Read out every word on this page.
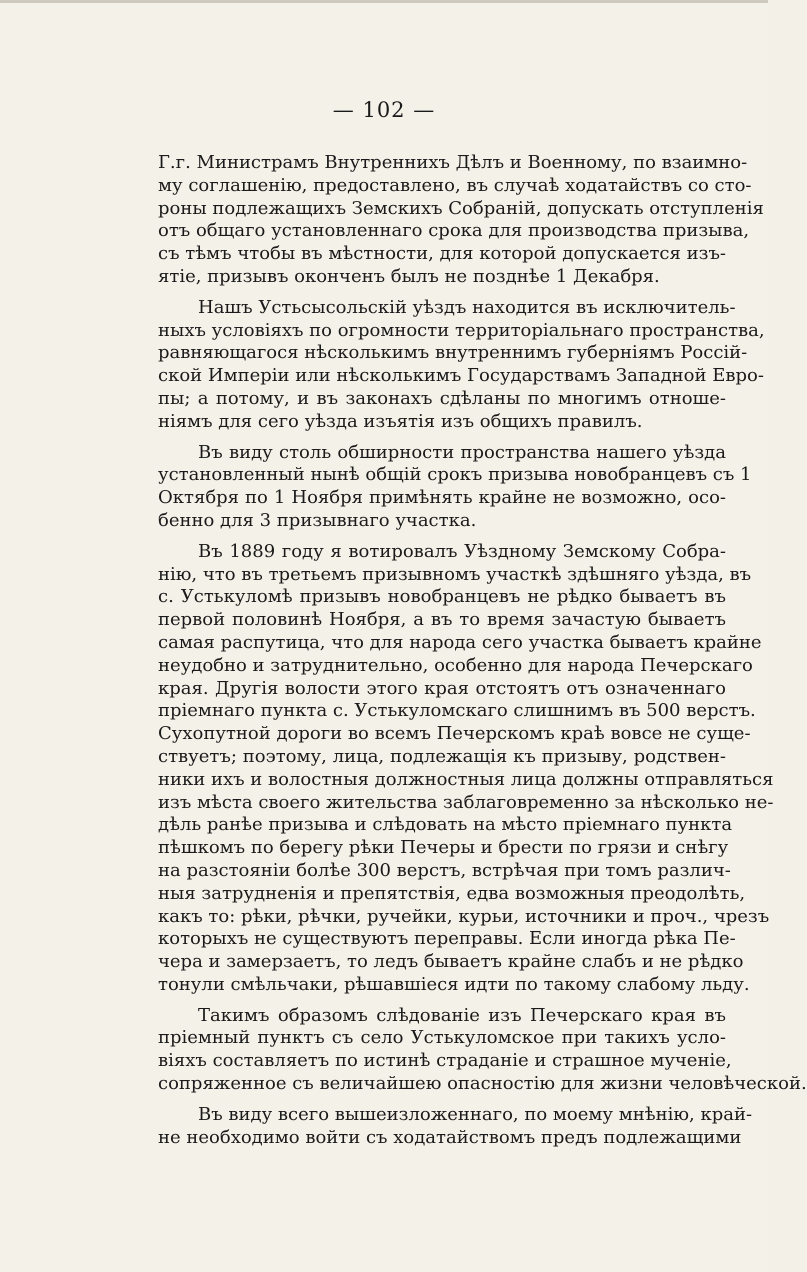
— 102 —

Г.г. Министрамъ Внутреннихъ Дѣлъ и Военному, по взаимно-
му соглашенію, предоставлено, въ случаѣ ходатайствъ со сто-
роны подлежащихъ Земскихъ Собраній, допускать отступленія
отъ общаго установленнаго срока для производства призыва,
съ тѣмъ чтобы въ мѣстности, для которой допускается изъ-
ятіе, призывъ оконченъ былъ не позднѣе 1 Декабря.

Нашъ Устьсысольскій уѣздъ находится въ исключитель-
ныхъ условіяхъ по огромности территоріальнаго пространства,
равняющагося нѣсколькимъ внутреннимъ губерніямъ Россій-
ской Имперіи или нѣсколькимъ Государствамъ Западной Евро-
пы; а потому, и въ законахъ сдѣланы по многимъ отноше-
ніямъ для сего уѣзда изъятія изъ общихъ правилъ.

Въ виду столь обширности пространства нашего уѣзда
установленный нынѣ общій срокъ призыва новобранцевъ съ 1
Октября по 1 Ноября примѣнять крайне не возможно, осо-
бенно для 3 призывнаго участка.

Въ 1889 году я вотировалъ Уѣздному Земскому Собра-
нію, что въ третьемъ призывномъ участкѣ здѣшняго уѣзда, въ
с. Устькуломѣ призывъ новобранцевъ не рѣдко бываетъ въ
первой половинѣ Ноября, а въ то время зачастую бываетъ
самая распутица, что для народа сего участка бываетъ крайне
неудобно и затруднительно, особенно для народа Печерскаго
края. Другія волости этого края отстоятъ отъ означеннаго
пріемнаго пункта с. Устькуломскаго слишнимъ въ 500 верстъ.
Сухопутной дороги во всемъ Печерскомъ краѣ вовсе не суще-
ствуетъ; поэтому, лица, подлежащія къ призыву, родствен-
ники ихъ и волостныя должностныя лица должны отправляться
изъ мѣста своего жительства заблаговременно за нѣсколько не-
дѣль ранѣе призыва и слѣдовать на мѣсто пріемнаго пункта
пѣшкомъ по берегу рѣки Печеры и брести по грязи и снѣгу
на разстояніи болѣе 300 верстъ, встрѣчая при томъ различ-
ныя затрудненія и препятствія, едва возможныя преодолѣть,
какъ то: рѣки, рѣчки, ручейки, курьи, источники и проч., чрезъ
которыхъ не существуютъ переправы. Если иногда рѣка Пе-
чера и замерзаетъ, то ледъ бываетъ крайне слабъ и не рѣдко
тонули смѣльчаки, рѣшавшіеся идти по такому слабому льду.

Такимъ образомъ слѣдованіе изъ Печерскаго края въ
пріемный пунктъ съ село Устькуломское при такихъ усло-
віяхъ составляетъ по истинѣ страданіе и страшное мученіе,
сопряженное съ величайшею опасностію для жизни человѣческой.

Въ виду всего вышеизложеннаго, по моему мнѣнію, край-
не необходимо войти съ ходатайствомъ предъ подлежащими
